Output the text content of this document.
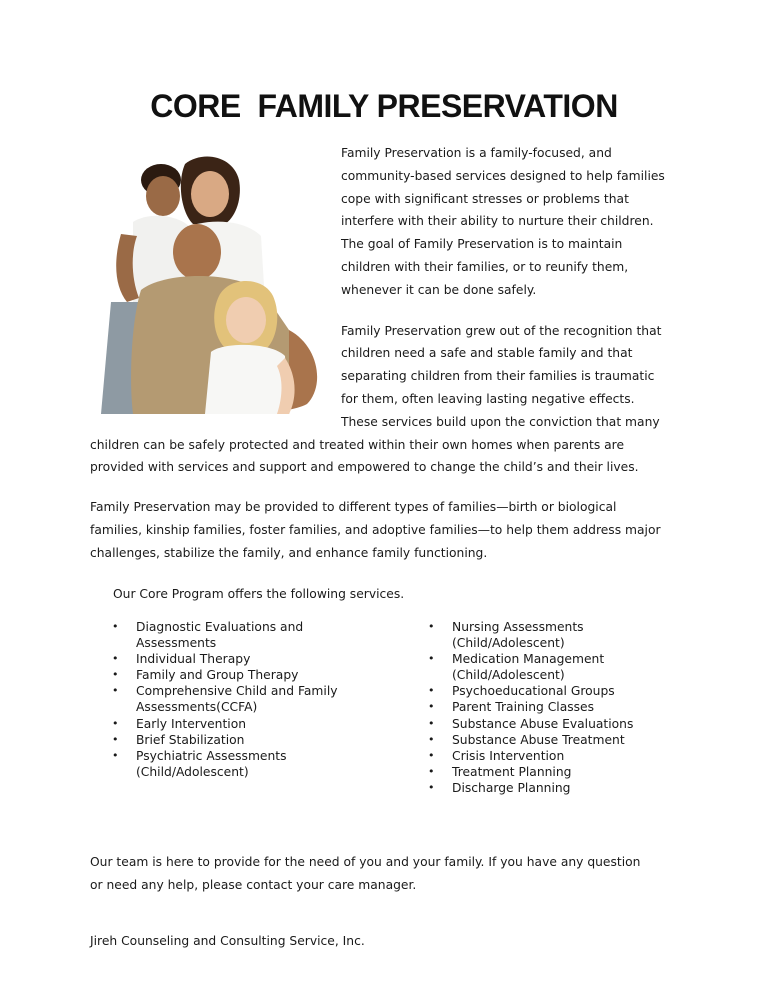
CORE  FAMILY PRESERVATION
Family Preservation is a family-focused, and
community-based services designed to help families
cope with significant stresses or problems that
interfere with their ability to nurture their children.
The goal of Family Preservation is to maintain
children with their families, or to reunify them,
whenever it can be done safely.
Family Preservation grew out of the recognition that
children need a safe and stable family and that
separating children from their families is traumatic
for them, often leaving lasting negative effects.
These services build upon the conviction that many
children can be safely protected and treated within their own homes when parents are
provided with services and support and empowered to change the child’s and their lives.
Family Preservation may be provided to different types of families—birth or biological
families, kinship families, foster families, and adoptive families—to help them address major
challenges, stabilize the family, and enhance family functioning.
Our Core Program offers the following services.
• Diagnostic Evaluations and
Assessments
• Individual Therapy
• Family and Group Therapy
• Comprehensive Child and Family
Assessments(CCFA)
• Early Intervention
• Brief Stabilization
• Psychiatric Assessments
(Child/Adolescent)
• Nursing Assessments
(Child/Adolescent)
• Medication Management
(Child/Adolescent)
• Psychoeducational Groups
• Parent Training Classes
• Substance Abuse Evaluations
• Substance Abuse Treatment
• Crisis Intervention
• Treatment Planning
• Discharge Planning
Our team is here to provide for the need of you and your family. If you have any question
or need any help, please contact your care manager.
Jireh Counseling and Consulting Service, Inc.
